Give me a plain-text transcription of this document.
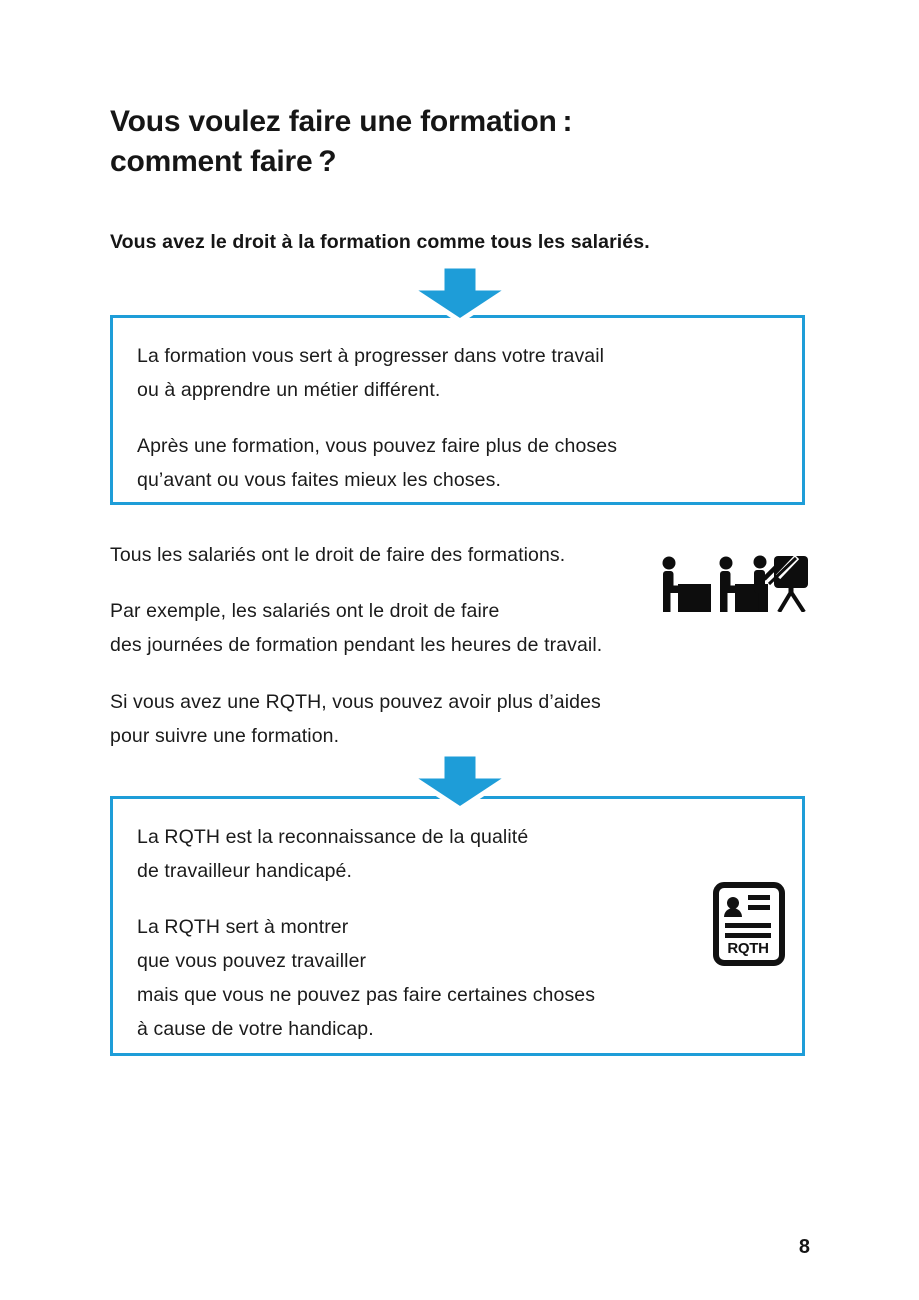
Vous voulez faire une formation :
comment faire ?
Vous avez le droit à la formation comme tous les salariés.
La formation vous sert à progresser dans votre travail
ou à apprendre un métier différent.
Après une formation, vous pouvez faire plus de choses
qu’avant ou vous faites mieux les choses.
Tous les salariés ont le droit de faire des formations.
Par exemple, les salariés ont le droit de faire
des journées de formation pendant les heures de travail.
Si vous avez une RQTH, vous pouvez avoir plus d’aides
pour suivre une formation.
La RQTH est la reconnaissance de la qualité
de travailleur handicapé.
La RQTH sert à montrer
que vous pouvez travailler
mais que vous ne pouvez pas faire certaines choses
à cause de votre handicap.
RQTH
8
